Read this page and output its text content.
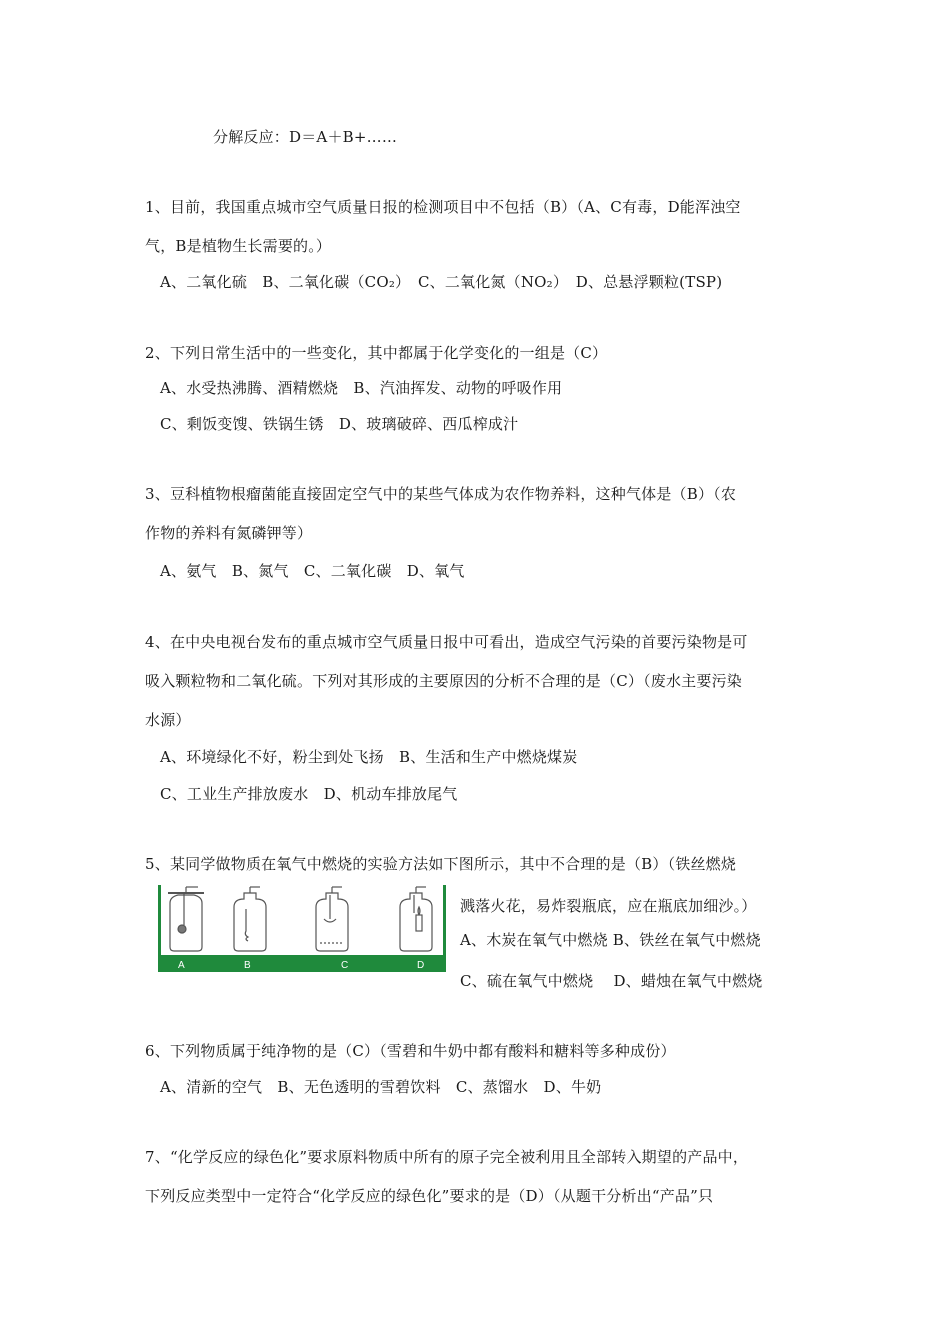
分解反应：D＝A＋B+……
1、目前，我国重点城市空气质量日报的检测项目中不包括（B）（A、C有毒，D能浑浊空
气，B是植物生长需要的。）
A、二氧化硫　B、二氧化碳（CO₂）　C、二氧化氮（NO₂）　D、总悬浮颗粒(TSP)
2、下列日常生活中的一些变化，其中都属于化学变化的一组是（C）
A、水受热沸腾、酒精燃烧　B、汽油挥发、动物的呼吸作用
C、剩饭变馊、铁锅生锈　D、玻璃破碎、西瓜榨成汁
3、豆科植物根瘤菌能直接固定空气中的某些气体成为农作物养料，这种气体是（B）（农
作物的养料有氮磷钾等）
A、氨气　B、氮气　C、二氧化碳　D、氧气
4、在中央电视台发布的重点城市空气质量日报中可看出，造成空气污染的首要污染物是可
吸入颗粒物和二氧化硫。下列对其形成的主要原因的分析不合理的是（C）（废水主要污染
水源）
A、环境绿化不好，粉尘到处飞扬　B、生活和生产中燃烧煤炭
C、工业生产排放废水　D、机动车排放尾气
5、某同学做物质在氧气中燃烧的实验方法如下图所示，其中不合理的是（B）（铁丝燃烧
A	B	C	D
溅落火花，易炸裂瓶底，应在瓶底加细沙。）
A、木炭在氧气中燃烧 B、铁丝在氧气中燃烧
C、硫在氧气中燃烧　 D、蜡烛在氧气中燃烧
6、下列物质属于纯净物的是（C）（雪碧和牛奶中都有酸料和糖料等多种成份）
A、清新的空气　B、无色透明的雪碧饮料　C、蒸馏水　D、牛奶
7、“化学反应的绿色化”要求原料物质中所有的原子完全被利用且全部转入期望的产品中，
下列反应类型中一定符合“化学反应的绿色化”要求的是（D）（从题干分析出“产品”只
